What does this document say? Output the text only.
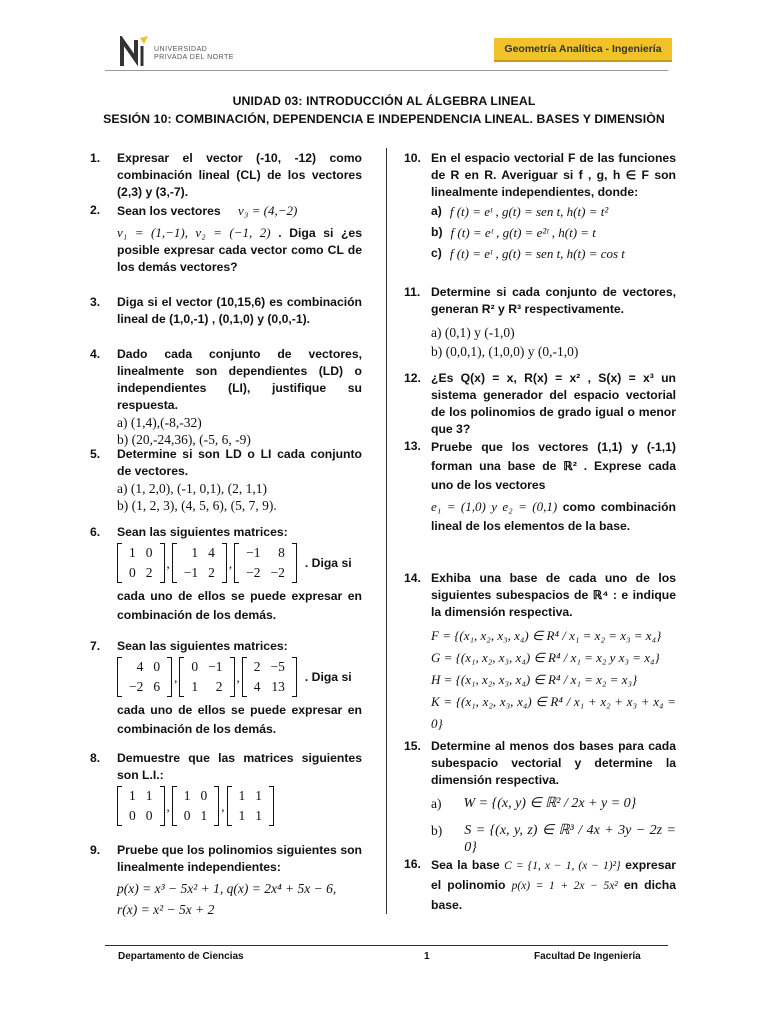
UNIVERSIDAD
PRIVADA DEL NORTE
Geometría Analítica - Ingeniería
UNIDAD 03: INTRODUCCIÓN AL ÁLGEBRA LINEAL
SESIÓN 10: COMBINACIÓN, DEPENDENCIA E INDEPENDENCIA LINEAL. BASES Y DIMENSIÒN
1. Expresar el vector (-10, -12) como combinación lineal (CL) de los vectores (2,3) y (3,-7).
2. Sean los vectores v₃ = (4,−2)
v₁ = (1,−1), v₂ = (−1, 2) . Diga si ¿es posible expresar cada vector como CL de los demás vectores?
3. Diga si el vector (10,15,6) es combinación lineal de (1,0,-1) , (0,1,0) y (0,0,-1).
4. Dado cada conjunto de vectores, linealmente son dependientes (LD) o independientes (LI), justifique su respuesta.
a) (1,4),(-8,-32)
b) (20,-24,36), (-5, 6, -9)
5. Determine si son LD o LI cada conjunto de vectores.
a) (1, 2,0), (-1, 0,1), (2, 1,1)
b) (1, 2, 3), (4, 5, 6), (5, 7, 9).
6. Sean las siguientes matrices:
1	0
0	2
,
1	4
−1	2
,
−1	8
−2	−2
. Diga si
cada uno de ellos se puede expresar en combinación de los demás.
7. Sean las siguientes matrices:
4	0
−2	6
,
0	−1
1	2
,
2	−5
4	13
. Diga si
cada uno de ellos se puede expresar en combinación de los demás.
8. Demuestre que las matrices siguientes son L.I.:
1	1
0	0
,
1	0
0	1
,
1	1
1	1
9. Pruebe que los polinomios siguientes son linealmente independientes:
p(x) = x³ − 5x² + 1, q(x) = 2x⁴ + 5x − 6,
r(x) = x² − 5x + 2
10. En el espacio vectorial F de las funciones de R en R. Averiguar si f , g, h ∈ F son linealmente independientes, donde:
a) f (t) = eᵗ , g(t) = sen t, h(t) = t²
b) f (t) = eᵗ , g(t) = e²ᵗ , h(t) = t
c) f (t) = eᵗ , g(t) = sen t, h(t) = cos t
11. Determine si cada conjunto de vectores, generan R² y R³ respectivamente.
a) (0,1) y (-1,0)
b) (0,0,1), (1,0,0) y (0,-1,0)
12. ¿Es Q(x) = x, R(x) = x² , S(x) = x³ un sistema generador del espacio vectorial de los polinomios de grado igual o menor que 3?
13. Pruebe que los vectores (1,1) y (-1,1) forman una base de ℝ² . Exprese cada uno de los vectores
e₁ = (1,0) y e₂ = (0,1) como combinación lineal de los elementos de la base.
14. Exhiba una base de cada uno de los siguientes subespacios de ℝ⁴ : e indique la dimensión respectiva.
F = {(x₁, x₂, x₃, x₄) ∈ R⁴ / x₁ = x₂ = x₃ = x₄}
G = {(x₁, x₂, x₃, x₄) ∈ R⁴ / x₁ = x₂ y x₃ = x₄}
H = {(x₁, x₂, x₃, x₄) ∈ R⁴ / x₁ = x₂ = x₃}
K = {(x₁, x₂, x₃, x₄) ∈ R⁴ / x₁ + x₂ + x₃ + x₄ = 0}
15. Determine al menos dos bases para cada subespacio vectorial y determine la dimensión respectiva.
a) W = {(x, y) ∈ ℝ² / 2x + y = 0}
b) S = {(x, y, z) ∈ ℝ³ / 4x + 3y − 2z = 0}
16. Sea la base C = {1, x − 1, (x − 1)²} expresar el polinomio p(x) = 1 + 2x − 5x² en dicha base.
Departamento de Ciencias	1	Facultad De Ingeniería
